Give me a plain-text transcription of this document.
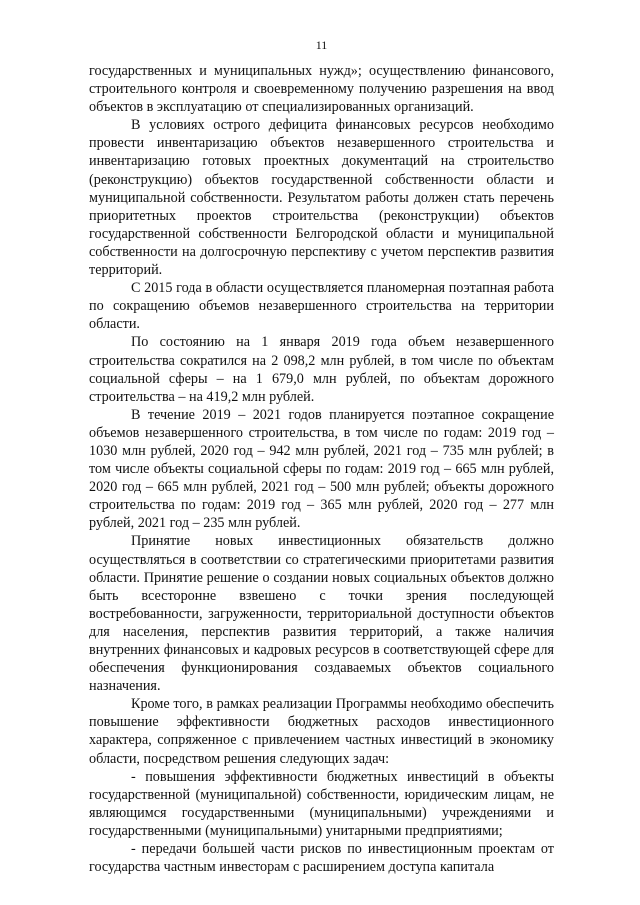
11

государственных и муниципальных нужд»; осуществлению финансового, строительного контроля и своевременному получению разрешения на ввод объектов в эксплуатацию от специализированных организаций.

В условиях острого дефицита финансовых ресурсов необходимо провести инвентаризацию объектов незавершенного строительства и инвентаризацию готовых проектных документаций на строительство (реконструкцию) объектов государственной собственности области и муниципальной собственности. Результатом работы должен стать перечень приоритетных проектов строительства (реконструкции) объектов государственной собственности Белгородской области и муниципальной собственности на долгосрочную перспективу с учетом перспектив развития территорий.

С 2015 года в области осуществляется планомерная поэтапная работа по сокращению объемов незавершенного строительства на территории области.

По состоянию на 1 января 2019 года объем незавершенного строительства сократился на 2 098,2 млн рублей, в том числе по объектам социальной сферы – на 1 679,0 млн рублей, по объектам дорожного строительства – на 419,2 млн рублей.

В течение 2019 – 2021 годов планируется поэтапное сокращение объемов незавершенного строительства, в том числе по годам: 2019 год – 1030 млн рублей, 2020 год – 942 млн рублей, 2021 год – 735 млн рублей; в том числе объекты социальной сферы по годам: 2019 год – 665 млн рублей, 2020 год – 665 млн рублей, 2021 год – 500 млн рублей; объекты дорожного строительства по годам: 2019 год – 365 млн рублей, 2020 год – 277 млн рублей, 2021 год – 235 млн рублей.

Принятие новых инвестиционных обязательств должно осуществляться в соответствии со стратегическими приоритетами развития области. Принятие решение о создании новых социальных объектов должно быть всесторонне взвешено с точки зрения последующей востребованности, загруженности, территориальной доступности объектов для населения, перспектив развития территорий, а также наличия внутренних финансовых и кадровых ресурсов в соответствующей сфере для обеспечения функционирования создаваемых объектов социального назначения.

Кроме того, в рамках реализации Программы необходимо обеспечить повышение эффективности бюджетных расходов инвестиционного характера, сопряженное с привлечением частных инвестиций в экономику области, посредством решения следующих задач:

- повышения эффективности бюджетных инвестиций в объекты государственной (муниципальной) собственности, юридическим лицам, не являющимся государственными (муниципальными) учреждениями и государственными (муниципальными) унитарными предприятиями;

- передачи большей части рисков по инвестиционным проектам от государства частным инвесторам с расширением доступа капитала
